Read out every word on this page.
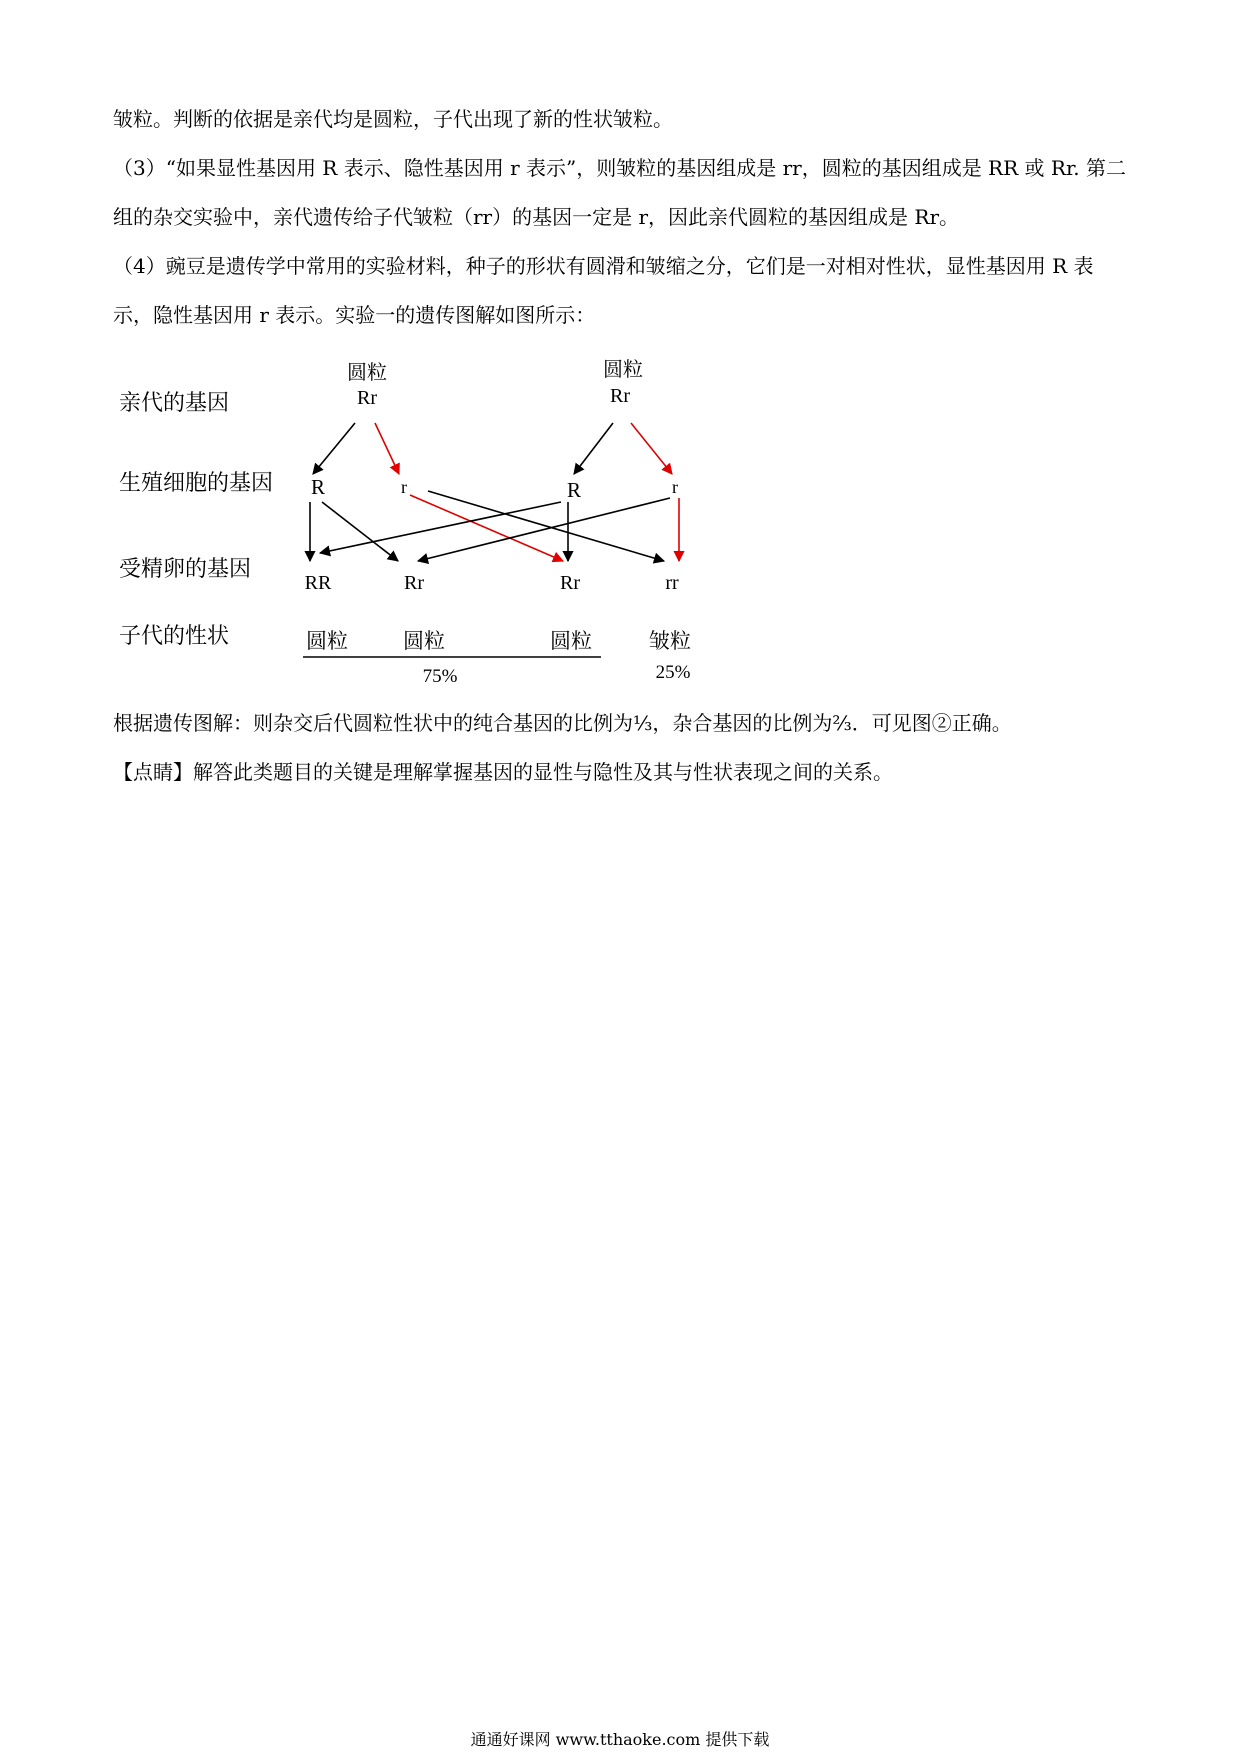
皱粒。判断的依据是亲代均是圆粒，子代出现了新的性状皱粒。

（3）“如果显性基因用 R 表示、隐性基因用 r 表示”，则皱粒的基因组成是 rr，圆粒的基因组成是 RR 或 Rr. 第二组的杂交实验中，亲代遗传给子代皱粒（rr）的基因一定是 r，因此亲代圆粒的基因组成是 Rr。

（4）豌豆是遗传学中常用的实验材料，种子的形状有圆滑和皱缩之分，它们是一对相对性状，显性基因用 R 表示，隐性基因用 r 表示。实验一的遗传图解如图所示：

亲代的基因
生殖细胞的基因
受精卵的基因
子代的性状
圆粒
Rr
圆粒
Rr
R	r	R	r
RR	Rr	Rr	rr
圆粒	圆粒	圆粒	皱粒
75%	25%

根据遗传图解：则杂交后代圆粒性状中的纯合基因的比例为⅓，杂合基因的比例为⅔．可见图②正确。

【点睛】解答此类题目的关键是理解掌握基因的显性与隐性及其与性状表现之间的关系。

通通好课网 www.tthaoke.com 提供下载
